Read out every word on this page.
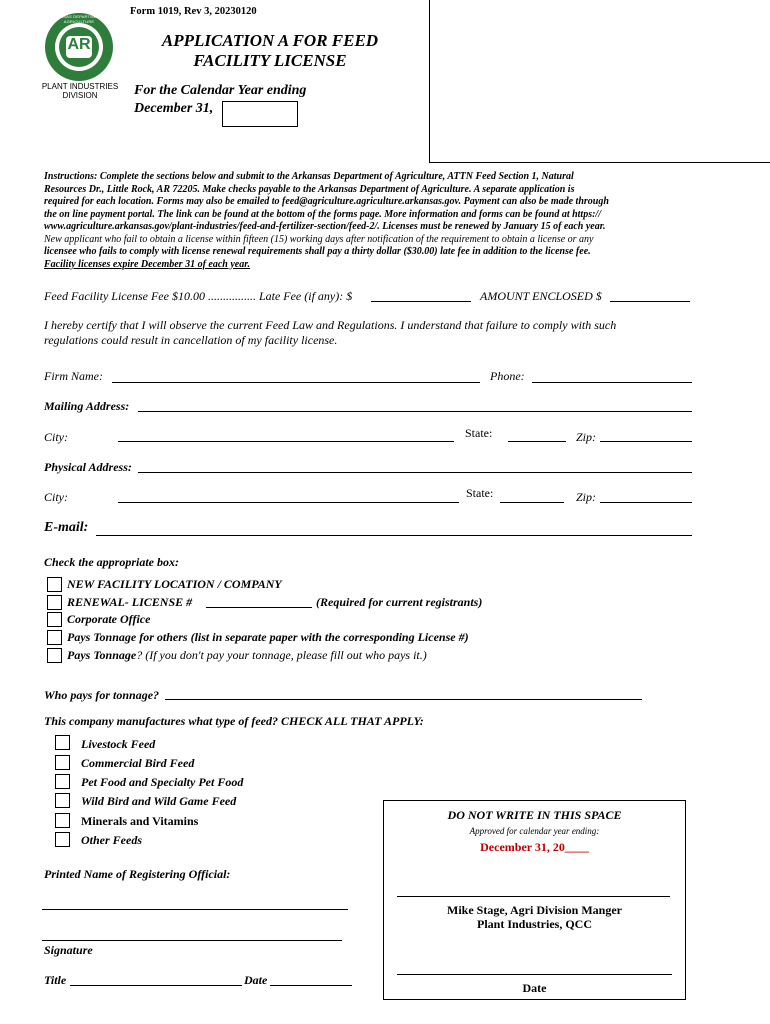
Form 1019, Rev 3, 20230120
AR
ARKANSAS DEPARTMENT OF AGRICULTURE
PLANT INDUSTRIES
DIVISION
APPLICATION A FOR FEED
FACILITY LICENSE
For the Calendar Year ending
December 31,
Instructions: Complete the sections below and submit to the Arkansas Department of Agriculture, ATTN Feed Section 1, Natural
Resources Dr., Little Rock, AR 72205. Make checks payable to the Arkansas Department of Agriculture. A separate application is
required for each location. Forms may also be emailed to feed@agriculture.agriculture.arkansas.gov. Payment can also be made through
the on line payment portal. The link can be found at the bottom of the forms page. More information and forms can be found at https://
www.agriculture.arkansas.gov/plant-industries/feed-and-fertilizer-section/feed-2/. Licenses must be renewed by January 15 of each year.
New applicant who fail to obtain a license within fifteen (15) working days after notification of the requirement to obtain a license or any
licensee who fails to comply with license renewal requirements shall pay a thirty dollar ($30.00) late fee in addition to the license fee.
Facility licenses expire December 31 of each year.
Feed Facility License Fee $10.00 ................ Late Fee (if any): $	AMOUNT ENCLOSED $
I hereby certify that I will observe the current Feed Law and Regulations. I understand that failure to comply with such
regulations could result in cancellation of my facility license.
Firm Name:	Phone:
Mailing Address:
City:	State:	Zip:
Physical Address:
City:	State:	Zip:
E-mail:
Check the appropriate box:
NEW FACILITY LOCATION / COMPANY
RENEWAL- LICENSE #	(Required for current registrants)
Corporate Office
Pays Tonnage for others (list in separate paper with the corresponding License #)
Pays Tonnage? (If you don't pay your tonnage, please fill out who pays it.)
Who pays for tonnage?
This company manufactures what type of feed? CHECK ALL THAT APPLY:
Livestock Feed
Commercial Bird Feed
Pet Food and Specialty Pet Food
Wild Bird and Wild Game Feed
Minerals and Vitamins
Other Feeds
Printed Name of Registering Official:
Signature
Title	Date
DO NOT WRITE IN THIS SPACE
Approved for calendar year ending:
December 31, 20____
Mike Stage, Agri Division Manger
Plant Industries, QCC
Date
